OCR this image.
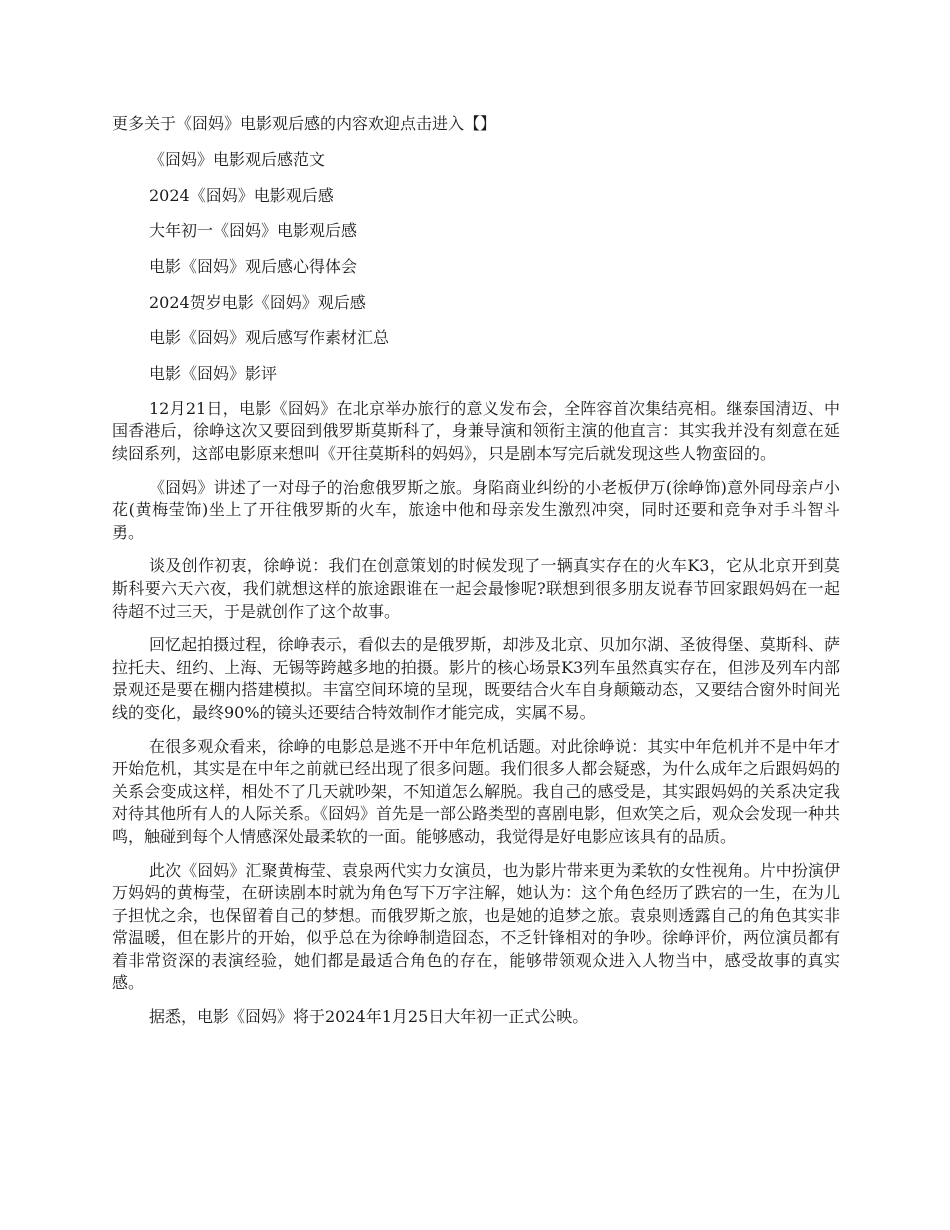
更多关于《囧妈》电影观后感的内容欢迎点击进入【】

《囧妈》电影观后感范文
2024《囧妈》电影观后感
大年初一《囧妈》电影观后感
电影《囧妈》观后感心得体会
2024贺岁电影《囧妈》观后感
电影《囧妈》观后感写作素材汇总
电影《囧妈》影评

12月21日，电影《囧妈》在北京举办旅行的意义发布会，全阵容首次集结亮相。继泰国清迈、中国香港后，徐峥这次又要囧到俄罗斯莫斯科了，身兼导演和领衔主演的他直言：其实我并没有刻意在延续囧系列，这部电影原来想叫《开往莫斯科的妈妈》，只是剧本写完后就发现这些人物蛮囧的。

《囧妈》讲述了一对母子的治愈俄罗斯之旅。身陷商业纠纷的小老板伊万(徐峥饰)意外同母亲卢小花(黄梅莹饰)坐上了开往俄罗斯的火车，旅途中他和母亲发生激烈冲突，同时还要和竞争对手斗智斗勇。

谈及创作初衷，徐峥说：我们在创意策划的时候发现了一辆真实存在的火车K3，它从北京开到莫斯科要六天六夜，我们就想这样的旅途跟谁在一起会最惨呢?联想到很多朋友说春节回家跟妈妈在一起待超不过三天，于是就创作了这个故事。

回忆起拍摄过程，徐峥表示，看似去的是俄罗斯，却涉及北京、贝加尔湖、圣彼得堡、莫斯科、萨拉托夫、纽约、上海、无锡等跨越多地的拍摄。影片的核心场景K3列车虽然真实存在，但涉及列车内部景观还是要在棚内搭建模拟。丰富空间环境的呈现，既要结合火车自身颠簸动态，又要结合窗外时间光线的变化，最终90%的镜头还要结合特效制作才能完成，实属不易。

在很多观众看来，徐峥的电影总是逃不开中年危机话题。对此徐峥说：其实中年危机并不是中年才开始危机，其实是在中年之前就已经出现了很多问题。我们很多人都会疑惑，为什么成年之后跟妈妈的关系会变成这样，相处不了几天就吵架，不知道怎么解脱。我自己的感受是，其实跟妈妈的关系决定我对待其他所有人的人际关系。《囧妈》首先是一部公路类型的喜剧电影，但欢笑之后，观众会发现一种共鸣，触碰到每个人情感深处最柔软的一面。能够感动，我觉得是好电影应该具有的品质。

此次《囧妈》汇聚黄梅莹、袁泉两代实力女演员，也为影片带来更为柔软的女性视角。片中扮演伊万妈妈的黄梅莹，在研读剧本时就为角色写下万字注解，她认为：这个角色经历了跌宕的一生，在为儿子担忧之余，也保留着自己的梦想。而俄罗斯之旅，也是她的追梦之旅。袁泉则透露自己的角色其实非常温暖，但在影片的开始，似乎总在为徐峥制造囧态，不乏针锋相对的争吵。徐峥评价，两位演员都有着非常资深的表演经验，她们都是最适合角色的存在，能够带领观众进入人物当中，感受故事的真实感。

据悉，电影《囧妈》将于2024年1月25日大年初一正式公映。
